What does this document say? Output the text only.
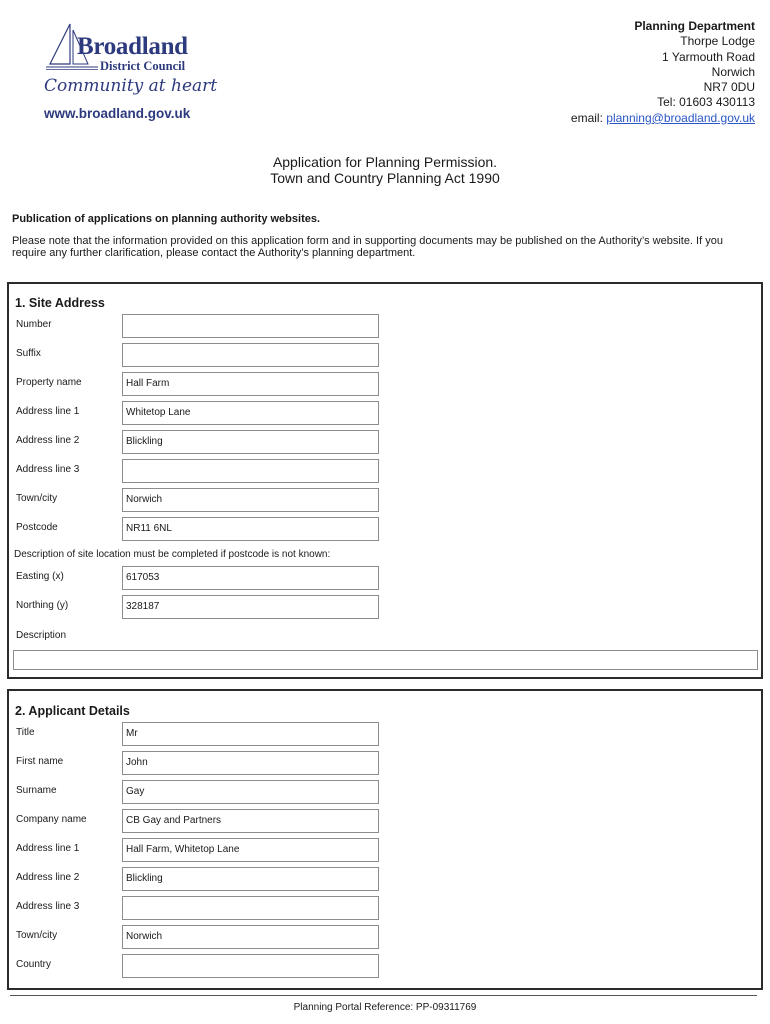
Broadland
District Council
Community at heart
www.broadland.gov.uk
Planning Department
Thorpe Lodge
1 Yarmouth Road
Norwich
NR7 0DU
Tel: 01603 430113
email: planning@broadland.gov.uk
Application for Planning Permission.
Town and Country Planning Act 1990
Publication of applications on planning authority websites.
Please note that the information provided on this application form and in supporting documents may be published on the Authority’s website. If you require any further clarification, please contact the Authority’s planning department.
1. Site Address
Number
Suffix
Property name	Hall Farm
Address line 1	Whitetop Lane
Address line 2	Blickling
Address line 3
Town/city	Norwich
Postcode	NR11 6NL
Description of site location must be completed if postcode is not known:
Easting (x)	617053
Northing (y)	328187
Description
2. Applicant Details
Title	Mr
First name	John
Surname	Gay
Company name	CB Gay and Partners
Address line 1	Hall Farm, Whitetop Lane
Address line 2	Blickling
Address line 3
Town/city	Norwich
Country
Planning Portal Reference: PP-09311769
